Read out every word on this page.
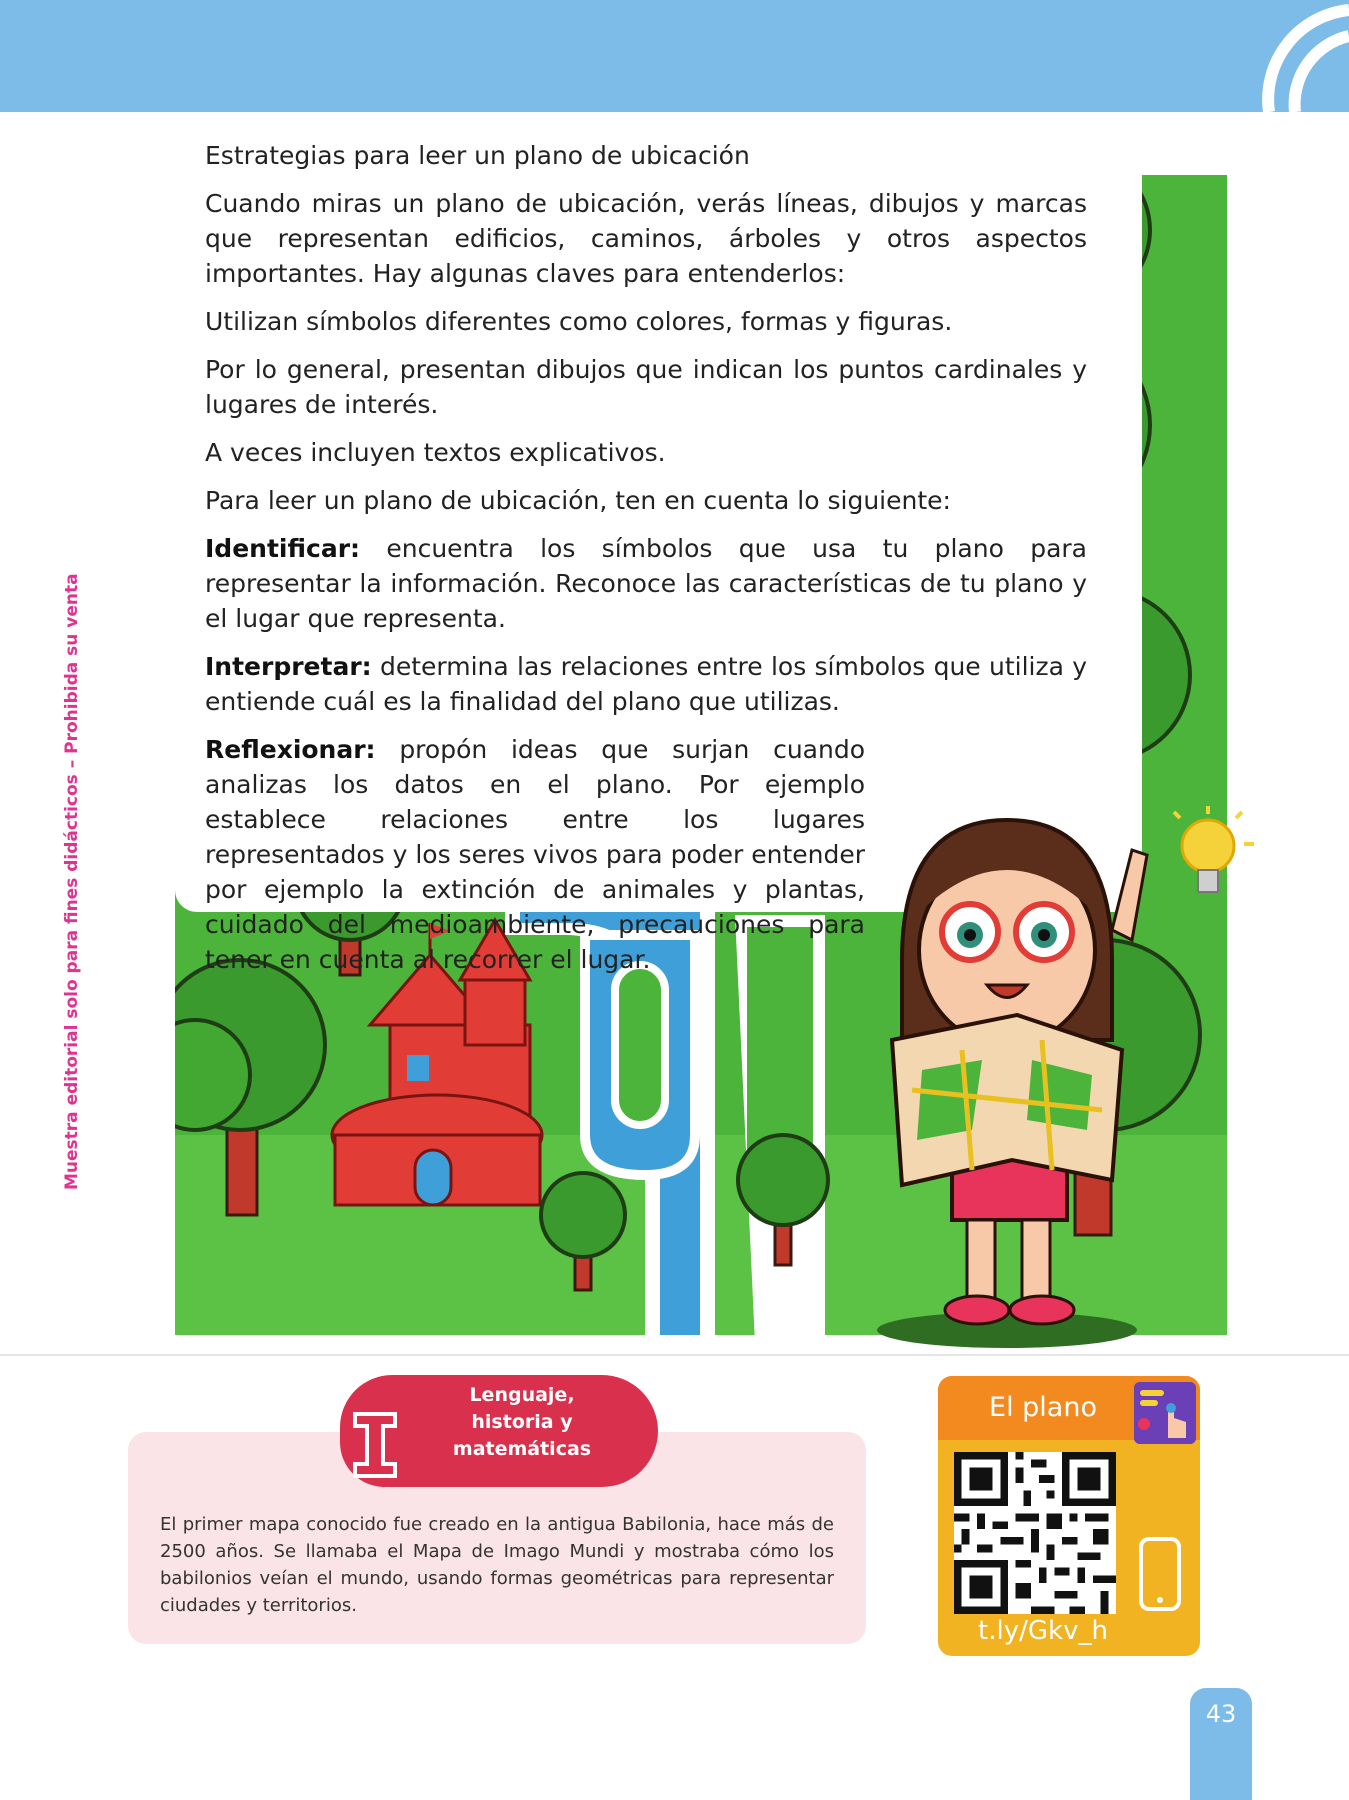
Muestra editorial solo para fines didácticos – Prohibida su venta

Estrategias para leer un plano de ubicación

Cuando miras un plano de ubicación, verás líneas, dibujos y marcas que representan edificios, caminos, árboles y otros aspectos importantes. Hay algunas claves para entenderlos:

Utilizan símbolos diferentes como colores, formas y figuras.

Por lo general, presentan dibujos que indican los puntos cardinales y lugares de interés.

A veces incluyen textos explicativos.

Para leer un plano de ubicación, ten en cuenta lo siguiente:

Identificar: encuentra los símbolos que usa tu plano para representar la información. Reconoce las características de tu plano y el lugar que representa.

Interpretar: determina las relaciones entre los símbolos que utiliza y entiende cuál es la finalidad del plano que utilizas.

Reflexionar: propón ideas que surjan cuando analizas los datos en el plano. Por ejemplo establece relaciones entre los lugares representados y los seres vivos para poder entender por ejemplo la extinción de animales y plantas, cuidado del medioambiente, precauciones para tener en cuenta al recorrer el lugar.

Lenguaje,
historia y
matemáticas
El primer mapa conocido fue creado en la antigua Babilonia, hace más de 2500 años. Se llamaba el Mapa de Imago Mundi y mostraba cómo los babilonios veían el mundo, usando formas geométricas para representar ciudades y territorios.
El plano
t.ly/Gkv_h
43
